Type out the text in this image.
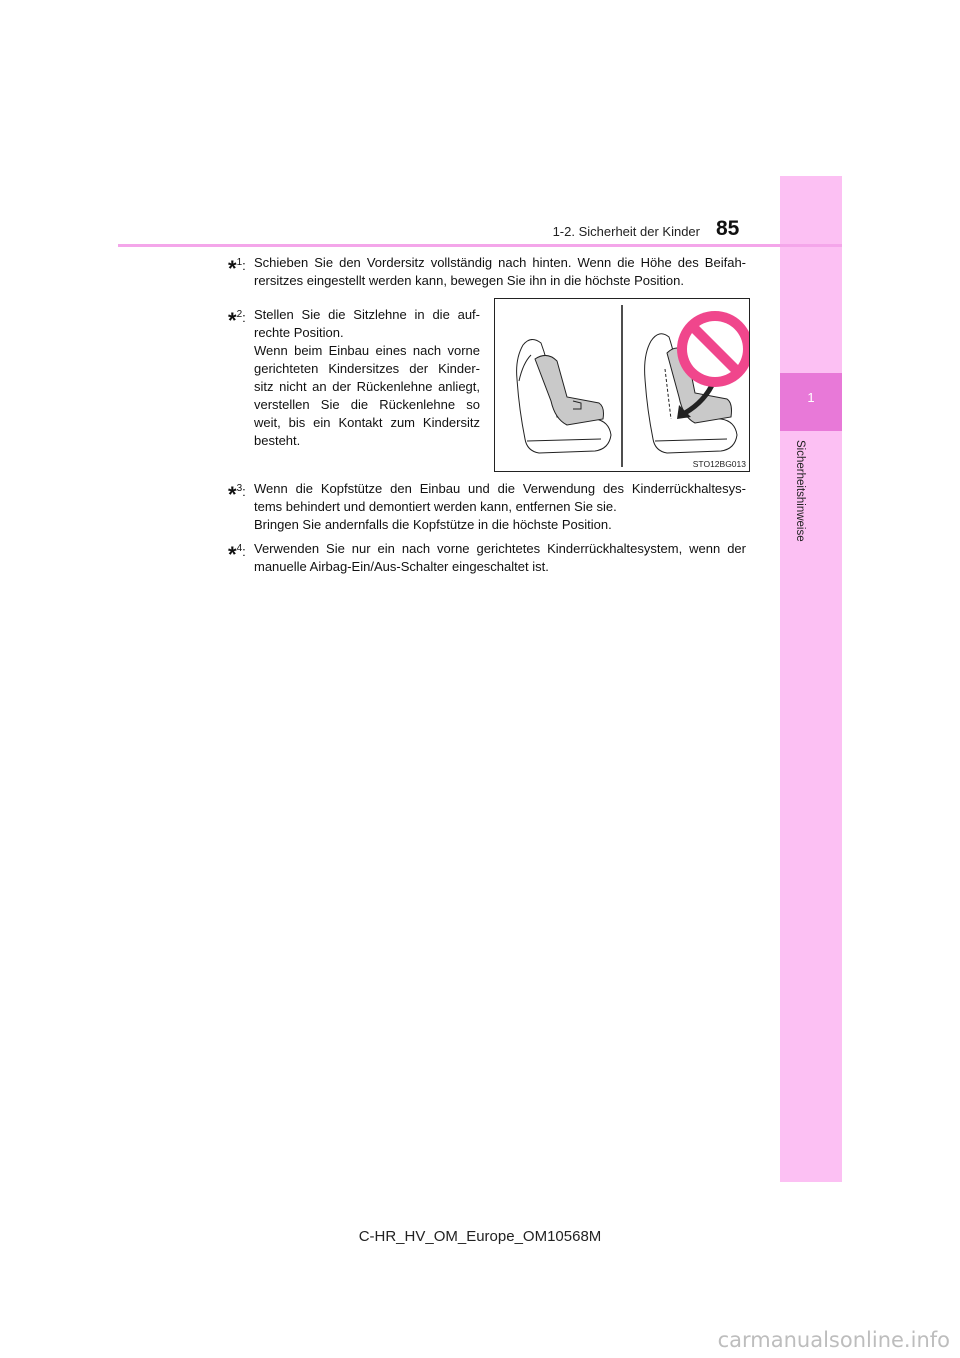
1
Sicherheitshinweise
1-2. Sicherheit der Kinder 85
*$^1$: Schieben Sie den Vordersitz vollständig nach hinten. Wenn die Höhe des Beifah-
rersitzes eingestellt werden kann, bewegen Sie ihn in die höchste Position.
*$^2$: Stellen Sie die Sitzlehne in die auf-
rechte Position.
Wenn beim Einbau eines nach vorne
gerichteten Kindersitzes der Kinder-
sitz nicht an der Rückenlehne anliegt,
verstellen Sie die Rückenlehne so
weit, bis ein Kontakt zum Kindersitz
besteht.
STO12BG013
*$^3$: Wenn die Kopfstütze den Einbau und die Verwendung des Kinderrückhaltesys-
tems behindert und demontiert werden kann, entfernen Sie sie.
Bringen Sie andernfalls die Kopfstütze in die höchste Position.
*$^4$: Verwenden Sie nur ein nach vorne gerichtetes Kinderrückhaltesystem, wenn der
manuelle Airbag-Ein/Aus-Schalter eingeschaltet ist.
C-HR_HV_OM_Europe_OM10568M
carmanualsonline.info
